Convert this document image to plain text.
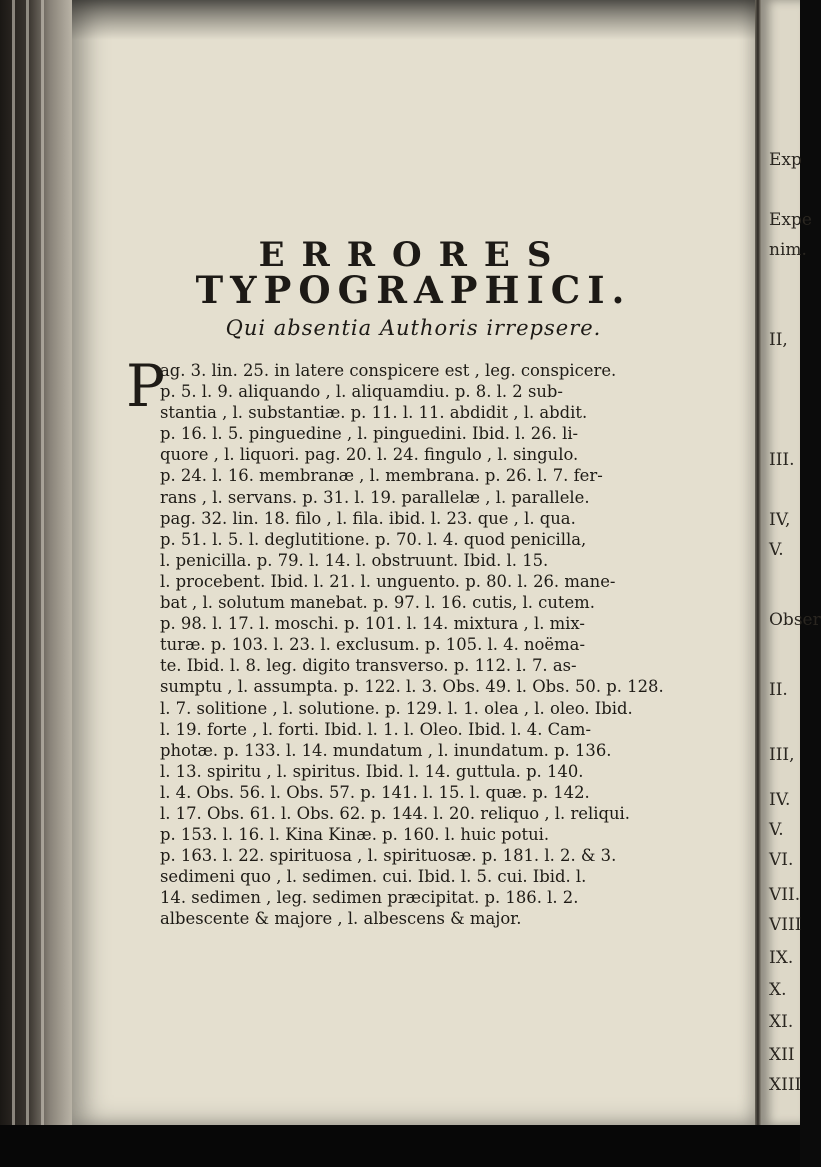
ERRORES
TYPOGRAPHICI.
Qui absentia Authoris irrepsere.
P
ag. 3. lin. 25. in latere conspicere est , leg. conspicere.
p. 5. l. 9. aliquando , l. aliquamdiu. p. 8. l. 2 sub-
stantia , l. substantiæ. p. 11. l. 11. abdidit , l. abdit.
p. 16. l. 5. pinguedine , l. pinguedini. Ibid. l. 26. li-
quore , l. liquori. pag. 20. l. 24. fingulo , l. singulo.
p. 24. l. 16. membranæ , l. membrana. p. 26. l. 7. fer-
rans , l. servans. p. 31. l. 19. parallelæ , l. parallele.
pag. 32. lin. 18. filo , l. fila. ibid. l. 23. que , l. qua.
p. 51. l. 5. l. deglutitione. p. 70. l. 4. quod penicilla,
l. penicilla. p. 79. l. 14. l. obstruunt. Ibid. l. 15.
l. procebent. Ibid. l. 21. l. unguento. p. 80. l. 26. mane-
bat , l. solutum manebat. p. 97. l. 16. cutis, l. cutem.
p. 98. l. 17. l. moschi. p. 101. l. 14. mixtura , l. mix-
turæ. p. 103. l. 23. l. exclusum. p. 105. l. 4. noëma-
te. Ibid. l. 8. leg. digito transverso. p. 112. l. 7. as-
sumptu , l. assumpta. p. 122. l. 3. Obs. 49. l. Obs. 50. p. 128.
l. 7. solitione , l. solutione. p. 129. l. 1. olea , l. oleo. Ibid.
l. 19. forte , l. forti. Ibid. l. 1. l. Oleo. Ibid. l. 4. Cam-
photæ. p. 133. l. 14. mundatum , l. inundatum. p. 136.
l. 13. spiritu , l. spiritus. Ibid. l. 14. guttula. p. 140.
l. 4. Obs. 56. l. Obs. 57. p. 141. l. 15. l. quæ. p. 142.
l. 17. Obs. 61. l. Obs. 62. p. 144. l. 20. reliquo , l. reliqui.
p. 153. l. 16. l. Kina Kinæ. p. 160. l. huic potui.
p. 163. l. 22. spirituosa , l. spirituosæ. p. 181. l. 2. & 3.
sedimeni quo , l. sedimen. cui. Ibid. l. 5. cui. Ibid. l.
14. sedimen , leg. sedimen præcipitat. p. 186. l. 2.
albescente & majore , l. albescens & major.
Exp
Expe
nim.
II,
III.
IV,
V.
Obser
II.
III,
IV.
V.
VI.
VII.
VIII
IX.
X.
XI.
XII
XIII
